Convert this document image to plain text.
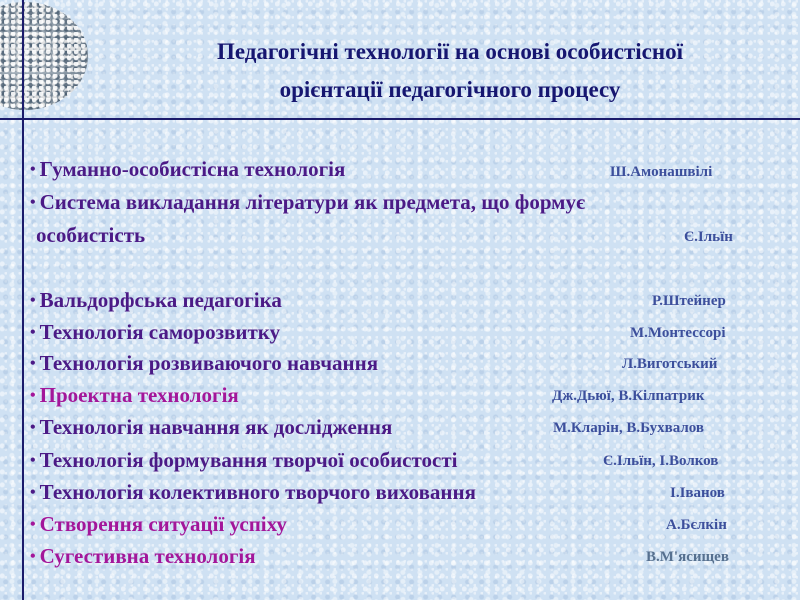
Педагогічні технології на основі особистісної
орієнтації педагогічного процесу
• Гуманно-особистісна технологія	Ш.Амонашвілі
• Система викладання літератури як предмета, що формує
особистість	Є.Ільїн
• Вальдорфська педагогіка	Р.Штейнер
• Технологія саморозвитку	М.Монтессорі
• Технологія розвиваючого навчання	Л.Виготський
• Проектна технологія	Дж.Дьюї, В.Кілпатрик
• Технологія навчання як дослідження	М.Кларін, В.Бухвалов
• Технологія формування творчої особистості	Є.Ільїн, І.Волков
• Технологія колективного творчого виховання	І.Іванов
• Створення ситуації успіху	А.Бєлкін
• Сугестивна технологія	В.М'ясищев
